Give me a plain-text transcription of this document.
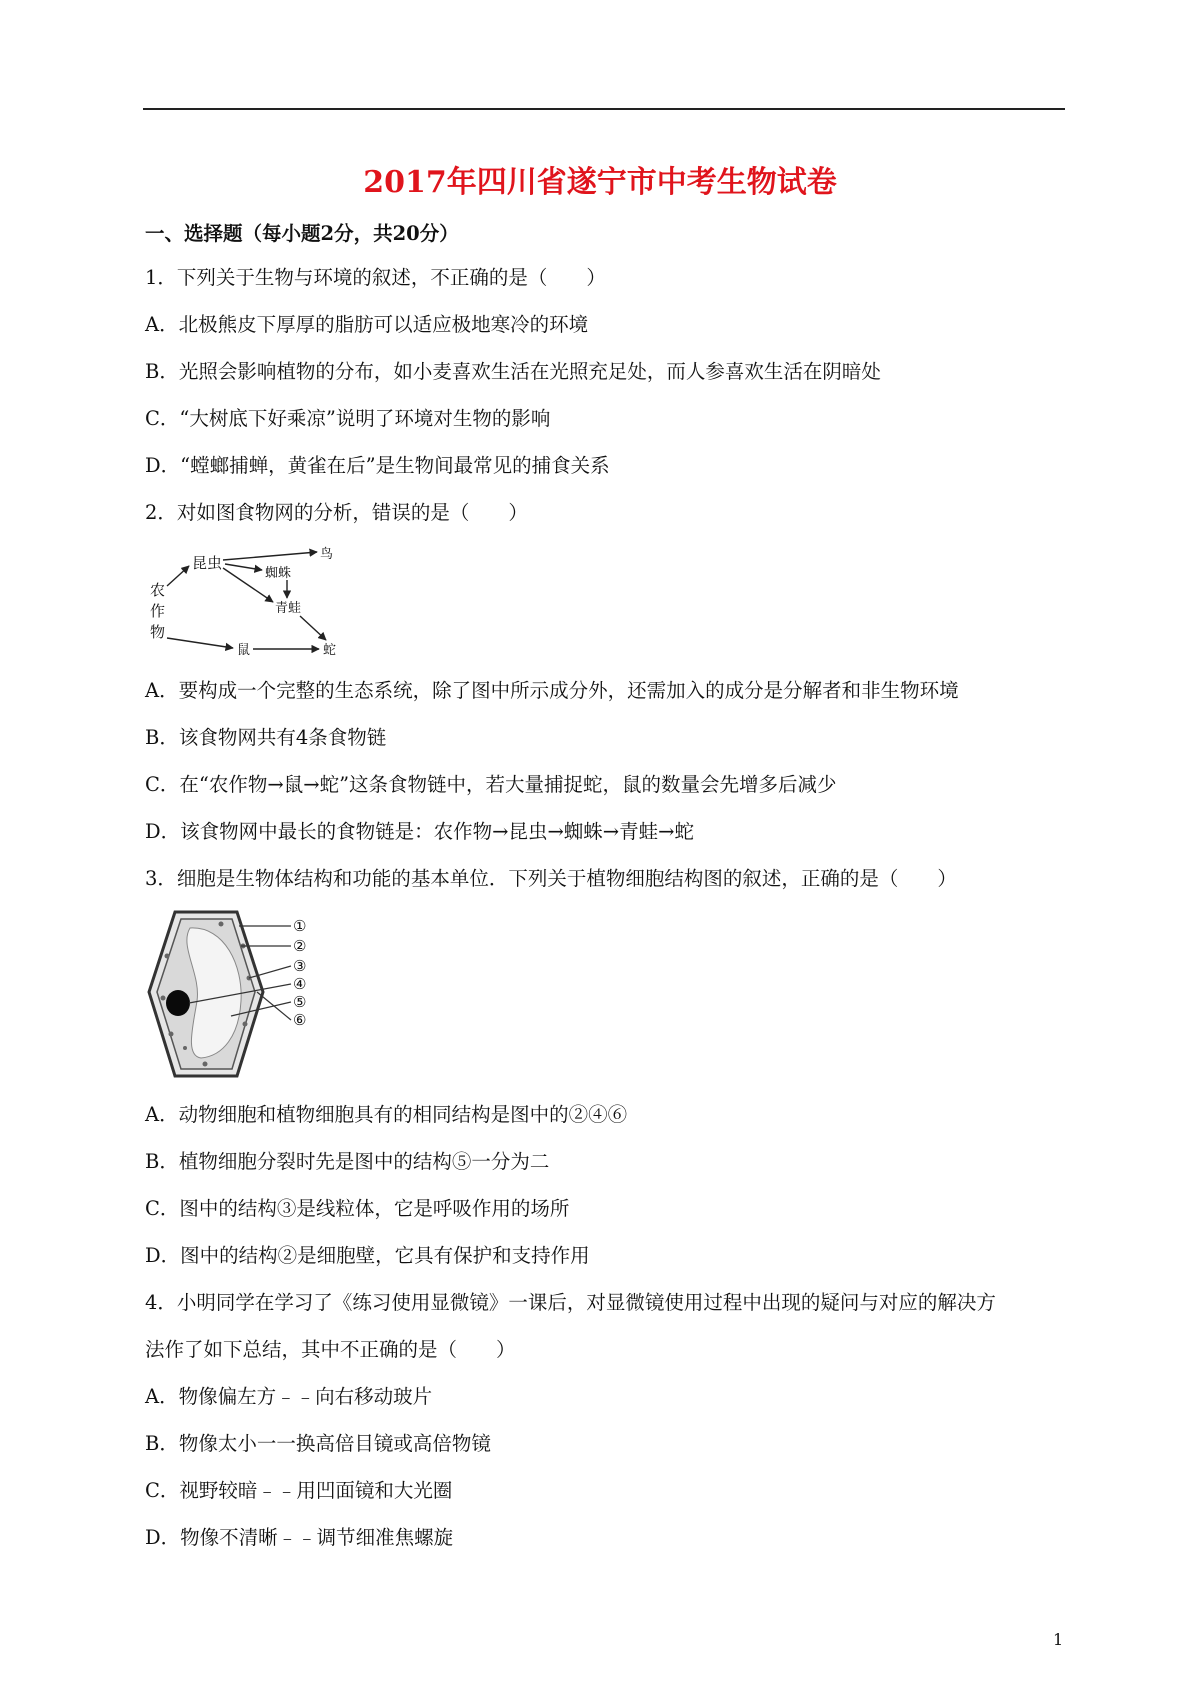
2017年四川省遂宁市中考生物试卷
一、选择题（每小题2分，共20分）
1．下列关于生物与环境的叙述，不正确的是（　　）
A．北极熊皮下厚厚的脂肪可以适应极地寒冷的环境
B．光照会影响植物的分布，如小麦喜欢生活在光照充足处，而人参喜欢生活在阴暗处
C．“大树底下好乘凉”说明了环境对生物的影响
D．“螳螂捕蝉，黄雀在后”是生物间最常见的捕食关系
2．对如图食物网的分析，错误的是（　　）
农
作
物
昆虫	鸟
蜘蛛
青蛙
鼠	蛇
A．要构成一个完整的生态系统，除了图中所示成分外，还需加入的成分是分解者和非生物环境
B．该食物网共有4条食物链
C．在“农作物→鼠→蛇”这条食物链中，若大量捕捉蛇，鼠的数量会先增多后减少
D．该食物网中最长的食物链是：农作物→昆虫→蜘蛛→青蛙→蛇
3．细胞是生物体结构和功能的基本单位．下列关于植物细胞结构图的叙述，正确的是（　　）
①
②
③
④
⑤
⑥
A．动物细胞和植物细胞具有的相同结构是图中的②④⑥
B．植物细胞分裂时先是图中的结构⑤一分为二
C．图中的结构③是线粒体，它是呼吸作用的场所
D．图中的结构②是细胞壁，它具有保护和支持作用
4．小明同学在学习了《练习使用显微镜》一课后，对显微镜使用过程中出现的疑问与对应的解决方
法作了如下总结，其中不正确的是（　　）
A．物像偏左方﹣﹣向右移动玻片
B．物像太小一一换高倍目镜或高倍物镜
C．视野较暗﹣﹣用凹面镜和大光圈
D．物像不清晰﹣﹣调节细准焦螺旋
1
